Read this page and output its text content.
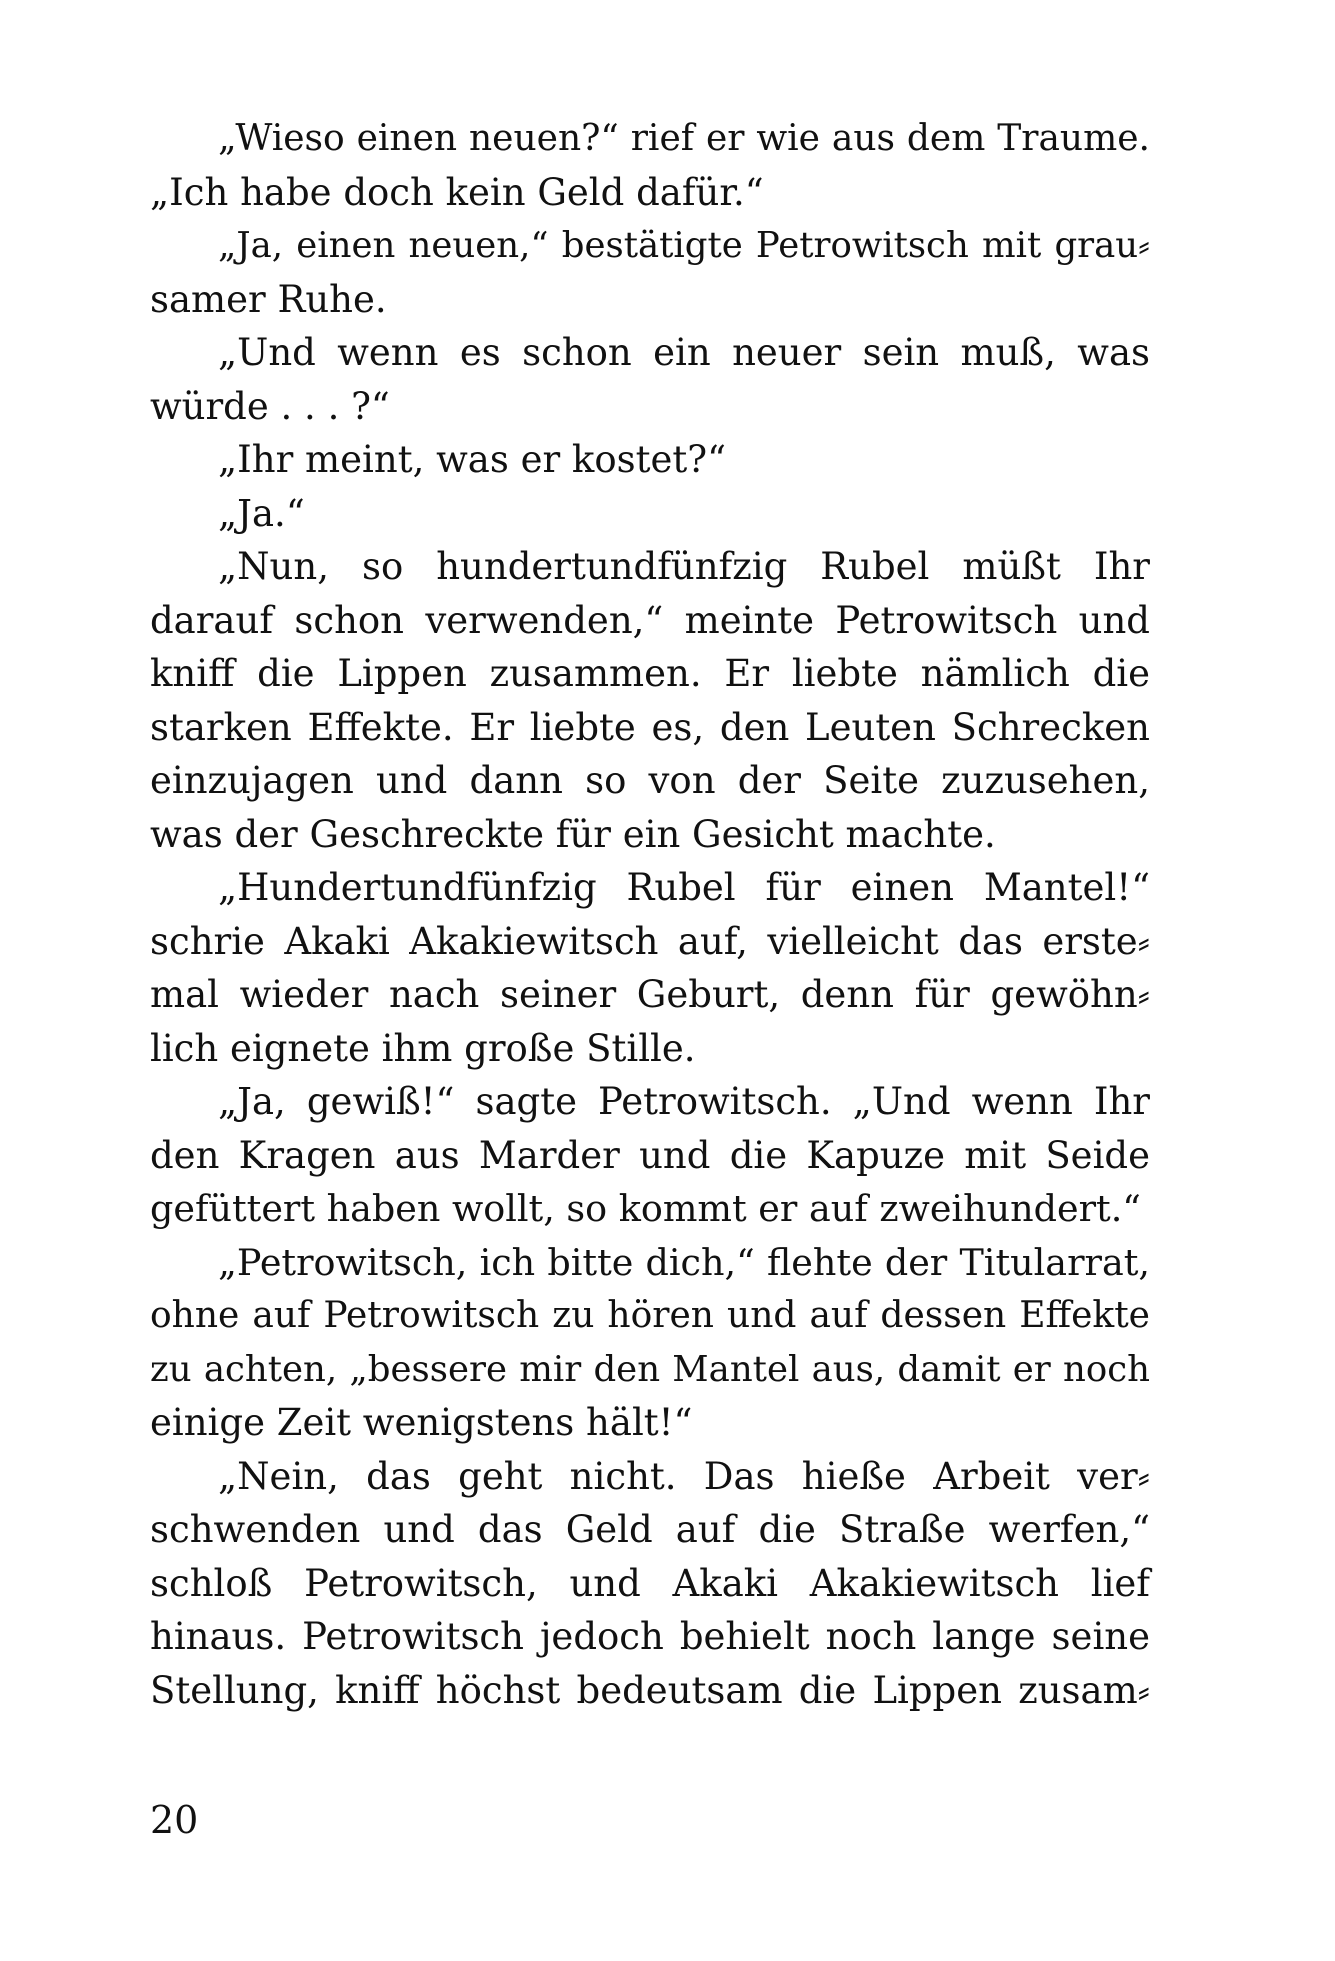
„Wieso einen neuen?“ rief er wie aus dem Traume.
„Ich habe doch kein Geld dafür.“
„Ja, einen neuen,“ bestätigte Petrowitsch mit grau⸗
samer Ruhe.
„Und wenn es schon ein neuer sein muß, was
würde . . . ?“
„Ihr meint, was er kostet?“
„Ja.“
„Nun, so hundertundfünfzig Rubel müßt Ihr
darauf schon verwenden,“ meinte Petrowitsch und
kniff die Lippen zusammen. Er liebte nämlich die
starken Effekte. Er liebte es, den Leuten Schrecken
einzujagen und dann so von der Seite zuzusehen,
was der Geschreckte für ein Gesicht machte.
„Hundertundfünfzig Rubel für einen Mantel!“
schrie Akaki Akakiewitsch auf, vielleicht das erste⸗
mal wieder nach seiner Geburt, denn für gewöhn⸗
lich eignete ihm große Stille.
„Ja, gewiß!“ sagte Petrowitsch. „Und wenn Ihr
den Kragen aus Marder und die Kapuze mit Seide
gefüttert haben wollt, so kommt er auf zweihundert.“
„Petrowitsch, ich bitte dich,“ flehte der Titularrat,
ohne auf Petrowitsch zu hören und auf dessen Effekte
zu achten, „bessere mir den Mantel aus, damit er noch
einige Zeit wenigstens hält!“
„Nein, das geht nicht. Das hieße Arbeit ver⸗
schwenden und das Geld auf die Straße werfen,“
schloß Petrowitsch, und Akaki Akakiewitsch lief
hinaus. Petrowitsch jedoch behielt noch lange seine
Stellung, kniff höchst bedeutsam die Lippen zusam⸗
20
